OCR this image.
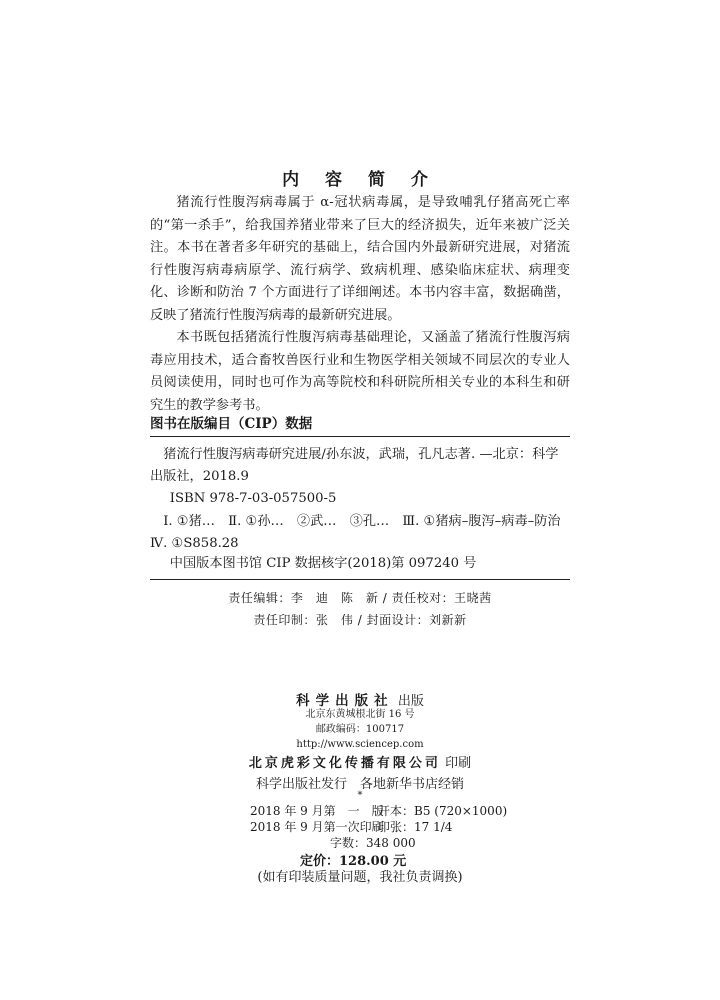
内 容 简 介

猪流行性腹泻病毒属于 α-冠状病毒属，是导致哺乳仔猪高死亡率的“第一杀手”，给我国养猪业带来了巨大的经济损失，近年来被广泛关注。本书在著者多年研究的基础上，结合国内外最新研究进展，对猪流行性腹泻病毒病原学、流行病学、致病机理、感染临床症状、病理变化、诊断和防治 7 个方面进行了详细阐述。本书内容丰富，数据确凿，反映了猪流行性腹泻病毒的最新研究进展。

本书既包括猪流行性腹泻病毒基础理论，又涵盖了猪流行性腹泻病毒应用技术，适合畜牧兽医行业和生物医学相关领域不同层次的专业人员阅读使用，同时也可作为高等院校和科研院所相关专业的本科生和研究生的教学参考书。

图书在版编目（CIP）数据
猪流行性腹泻病毒研究进展/孙东波，武瑞，孔凡志著. —北京：科学出版社，2018.9
ISBN 978-7-03-057500-5
Ⅰ. ①猪…　Ⅱ. ①孙…　②武…　③孔…　Ⅲ. ①猪病–腹泻–病毒–防治　Ⅳ. ①S858.28
中国版本图书馆 CIP 数据核字(2018)第 097240 号
责任编辑：李　迪　陈　新 / 责任校对：王晓茜
责任印制：张　伟 / 封面设计：刘新新
科学出版社 出版
北京东黄城根北街 16 号
邮政编码：100717
http://www.sciencep.com
北京虎彩文化传播有限公司 印刷
科学出版社发行　各地新华书店经销
*
2018 年 9 月第　一　版开本：B5 (720×1000)
2018 年 9 月第一次印刷印张：17 1/4
字数：348 000
定价：128.00 元
(如有印装质量问题，我社负责调换)
